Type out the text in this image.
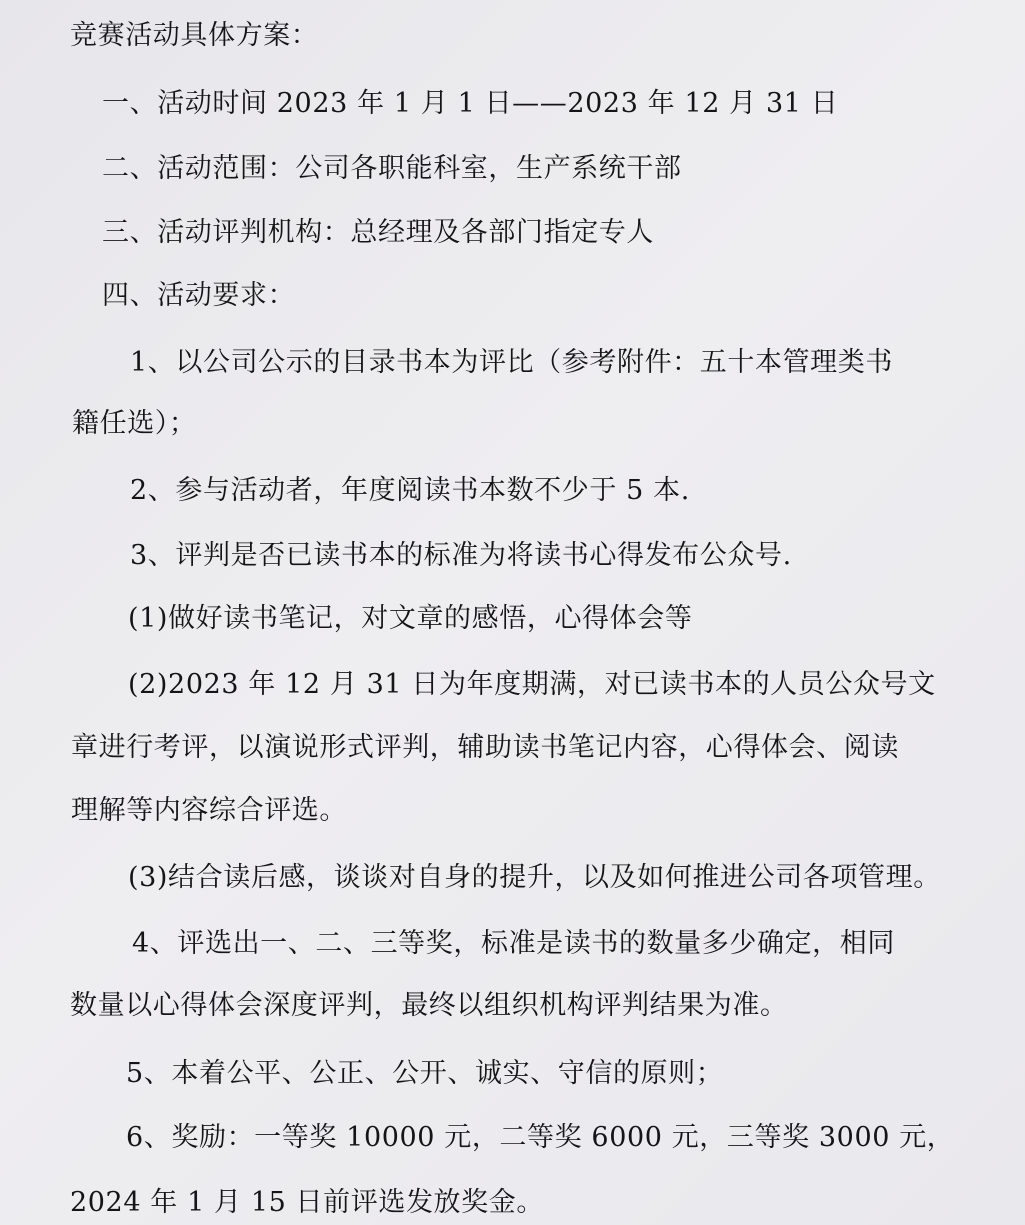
竞赛活动具体方案：
一、活动时间 2023 年 1 月 1 日——2023 年 12 月 31 日
二、活动范围：公司各职能科室，生产系统干部
三、活动评判机构：总经理及各部门指定专人
四、活动要求：
1、以公司公示的目录书本为评比（参考附件：五十本管理类书
籍任选）；
2、参与活动者，年度阅读书本数不少于 5 本.
3、评判是否已读书本的标准为将读书心得发布公众号.
(1)做好读书笔记，对文章的感悟，心得体会等
(2)2023 年 12 月 31 日为年度期满，对已读书本的人员公众号文
章进行考评，以演说形式评判，辅助读书笔记内容，心得体会、阅读
理解等内容综合评选。
(3)结合读后感，谈谈对自身的提升，以及如何推进公司各项管理。
4、评选出一、二、三等奖，标准是读书的数量多少确定，相同
数量以心得体会深度评判，最终以组织机构评判结果为准。
5、本着公平、公正、公开、诚实、守信的原则；
6、奖励：一等奖 10000 元，二等奖 6000 元，三等奖 3000 元，
2024 年 1 月 15 日前评选发放奖金。
